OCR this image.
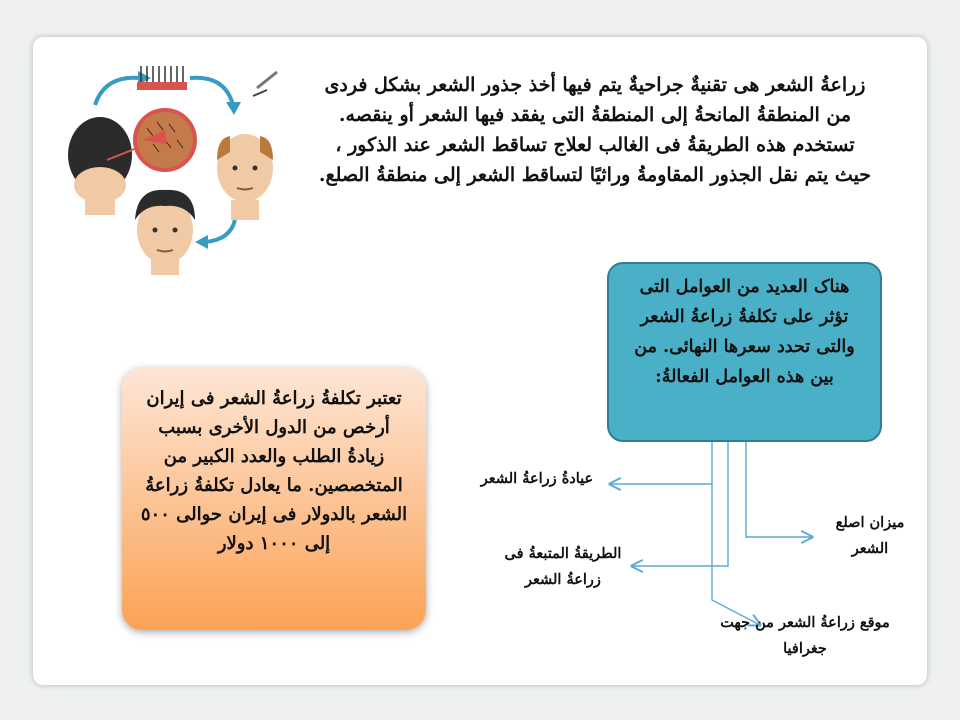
زراعةُ الشعر هی تقنیةٌ جراحیةٌ یتم فیها أخذ جذور الشعر بشکل فردی
من المنطقةُ المانحةُ إلى المنطقةُ التی یفقد فیها الشعر أو ینقصه.
تستخدم هذه الطریقةُ فی الغالب لعلاج تساقط الشعر عند الذکور ،
حیث یتم نقل الجذور المقاومةُ وراثیًا لتساقط الشعر إلى منطقةُ الصلع.
هناک العدید من العوامل التی تؤثر على تکلفةُ زراعةُ الشعر والتی تحدد سعرها النهائی. من بین هذه العوامل الفعالةُ:
عیادةُ زراعةُ الشعر
میزان اصلع الشعر
الطریقةُ المتبعةُ فی زراعةُ الشعر
موقع زراعةُ الشعر من جهت جغرافیا
تعتبر تکلفةُ زراعةُ الشعر فی إیران أرخص من الدول الأخرى بسبب زیادةُ الطلب والعدد الکبیر من المتخصصین. ما یعادل تکلفةُ زراعةُ الشعر بالدولار فی إیران حوالی ٥٠٠ إلى ١٠٠٠ دولار
